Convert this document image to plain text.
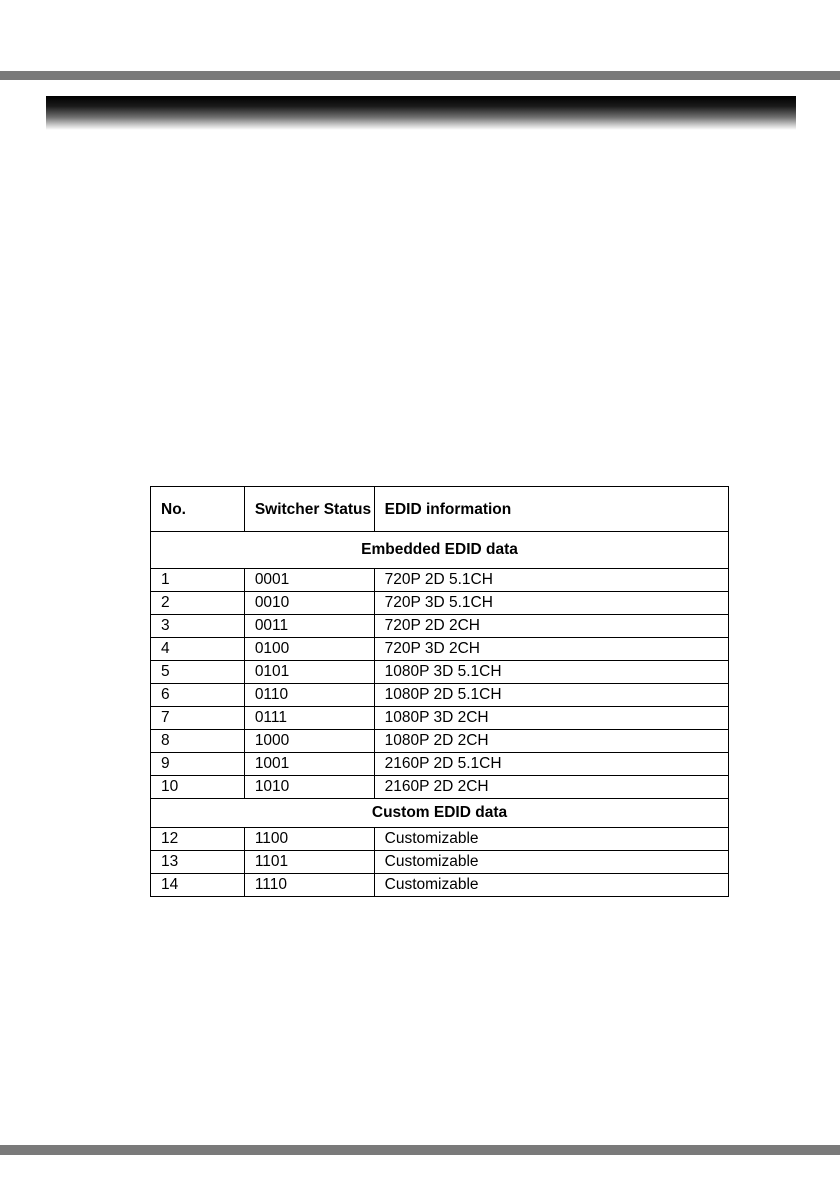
No.	Switcher Status	EDID information
Embedded EDID data		
1	0001	720P 2D 5.1CH
2	0010	720P 3D 5.1CH
3	0011	720P 2D 2CH
4	0100	720P 3D 2CH
5	0101	1080P 3D 5.1CH
6	0110	1080P 2D 5.1CH
7	0111	1080P 3D 2CH
8	1000	1080P 2D 2CH
9	1001	2160P 2D 5.1CH
10	1010	2160P 2D 2CH
Custom EDID data		
12	1100	Customizable
13	1101	Customizable
14	1110	Customizable
